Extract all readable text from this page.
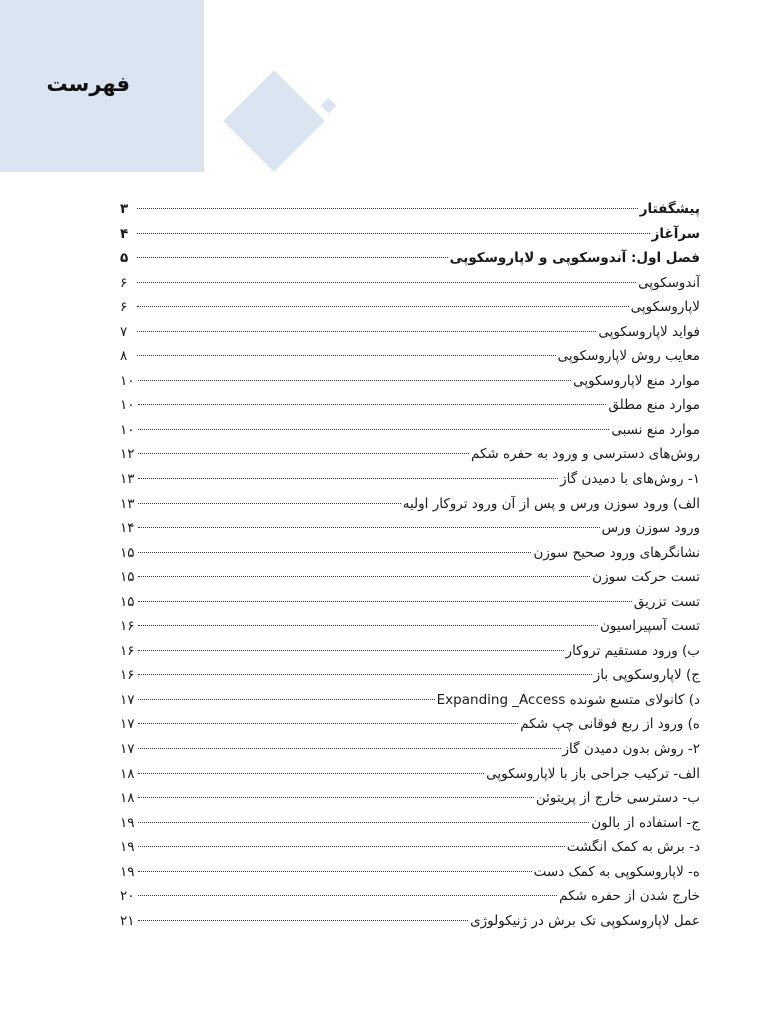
فهرست
پیشگفتار
۳
سرآغاز
۴
فصل اول: آندوسکوپی و لاپاروسکوپی
۵
آندوسکوپی
۶
لاپاروسکوپی
۶
فواید لاپاروسکوپی
۷
معایب روش لاپاروسکوپی
۸
موارد منع لاپاروسکوپی
۱۰
موارد منع مطلق
۱۰
موارد منع نسبی
۱۰
روش‌های دسترسی و ورود به حفره شکم
۱۲
۱- روش‌های با دمیدن گاز
۱۳
الف) ورود سوزن ورس و پس از آن ورود تروکار اولیه
۱۳
ورود سوزن ورس
۱۴
نشانگرهای ورود صحیح سوزن
۱۵
تست حرکت سوزن
۱۵
تست تزریق
۱۵
تست آسپیراسیون
۱۶
ب) ورود مستقیم تروکار
۱۶
ج) لاپاروسکوپی باز
۱۶
د) کانولای متسع شونده Expanding _Access
۱۷
ه) ورود از ربع فوقانی چپ شکم
۱۷
۲- روش بدون دمیدن گاز
۱۷
الف- ترکیب جراحی باز با لاپاروسکوپی
۱۸
ب- دسترسی خارج از پریتوئن
۱۸
ج- استفاده از بالون
۱۹
د- برش به کمک انگشت
۱۹
ه- لاپاروسکوپی به کمک دست
۱۹
خارج شدن از حفره شکم
۲۰
عمل لاپاروسکوپی تک برش در ژنیکولوژی
۲۱
